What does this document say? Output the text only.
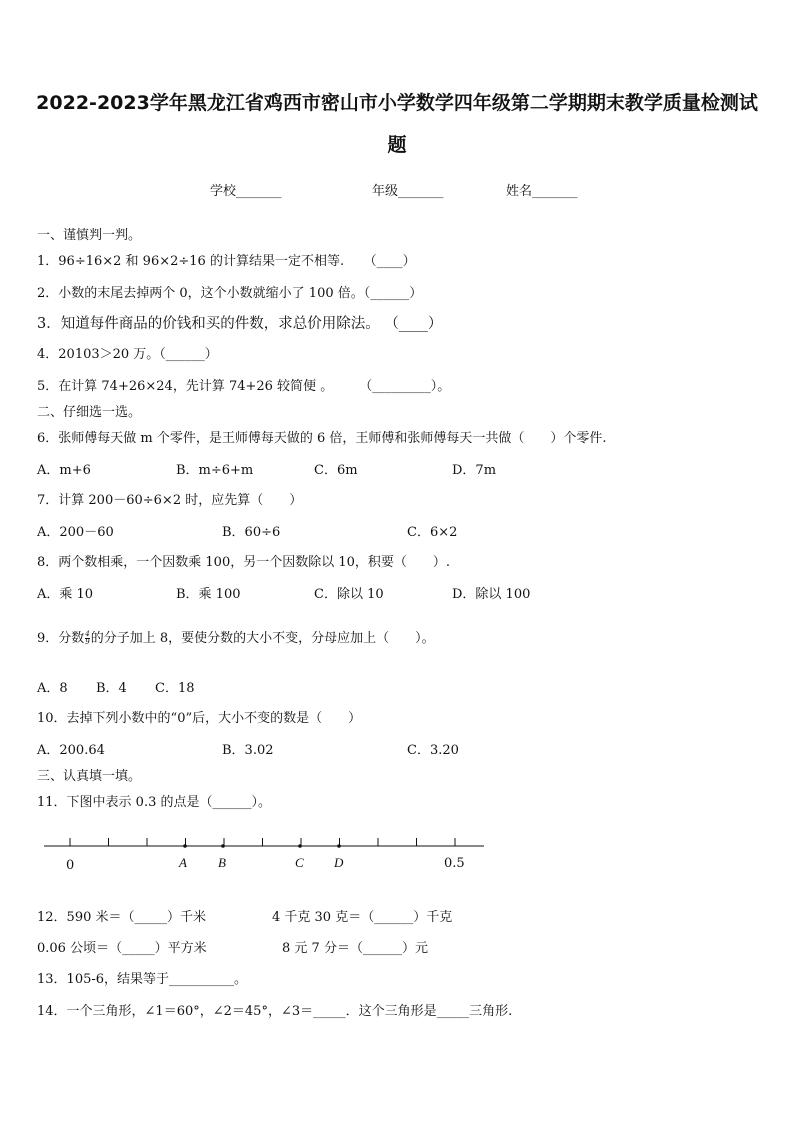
2022-2023学年黑龙江省鸡西市密山市小学数学四年级第二学期期末教学质量检测试
题
学校_______	年级_______	姓名_______
一、谨慎判一判。
1．96÷16×2 和 96×2÷16 的计算结果一定不相等.　　（____）
2．小数的末尾去掉两个 0，这个小数就缩小了 100 倍。（______）
3．知道每件商品的价钱和买的件数，求总价用除法。 （____）
4．20103＞20 万。（______）
5．在计算 74+26×24，先计算 74+26 较简便 。　　　（_________）。
二、仔细选一选。
6．张师傅每天做 m 个零件，是王师傅每天做的 6 倍，王师傅和张师傅每天一共做（　　）个零件.
A．m+6	B．m÷6+m	C．6m	D．7m
7．计算 200－60÷6×2 时，应先算（　　）
A．200－60	B．60÷6	C．6×2
8．两个数相乘，一个因数乘 100，另一个因数除以 10，积要（　　）.
A．乘 10	B．乘 100	C．除以 10	D．除以 100
9．分数 $\frac{4}{9}$ 的分子加上 8，要使分数的大小不变，分母应加上（　　）。
A．8 B．4 C．18
10．去掉下列小数中的“0”后，大小不变的数是（　　）
A．200.64	B．3.02	C．3.20
三、认真填一填。
11．下图中表示 0.3 的点是（______）。
0	0.5
A B	C D
12．590 米＝（_____）千米	4 千克 30 克＝（______）千克
0.06 公顷＝（_____）平方米	8 元 7 分＝（______）元
13．105-6，结果等于__________。
14．一个三角形，∠1＝60°，∠2＝45°，∠3＝_____．这个三角形是_____三角形.
